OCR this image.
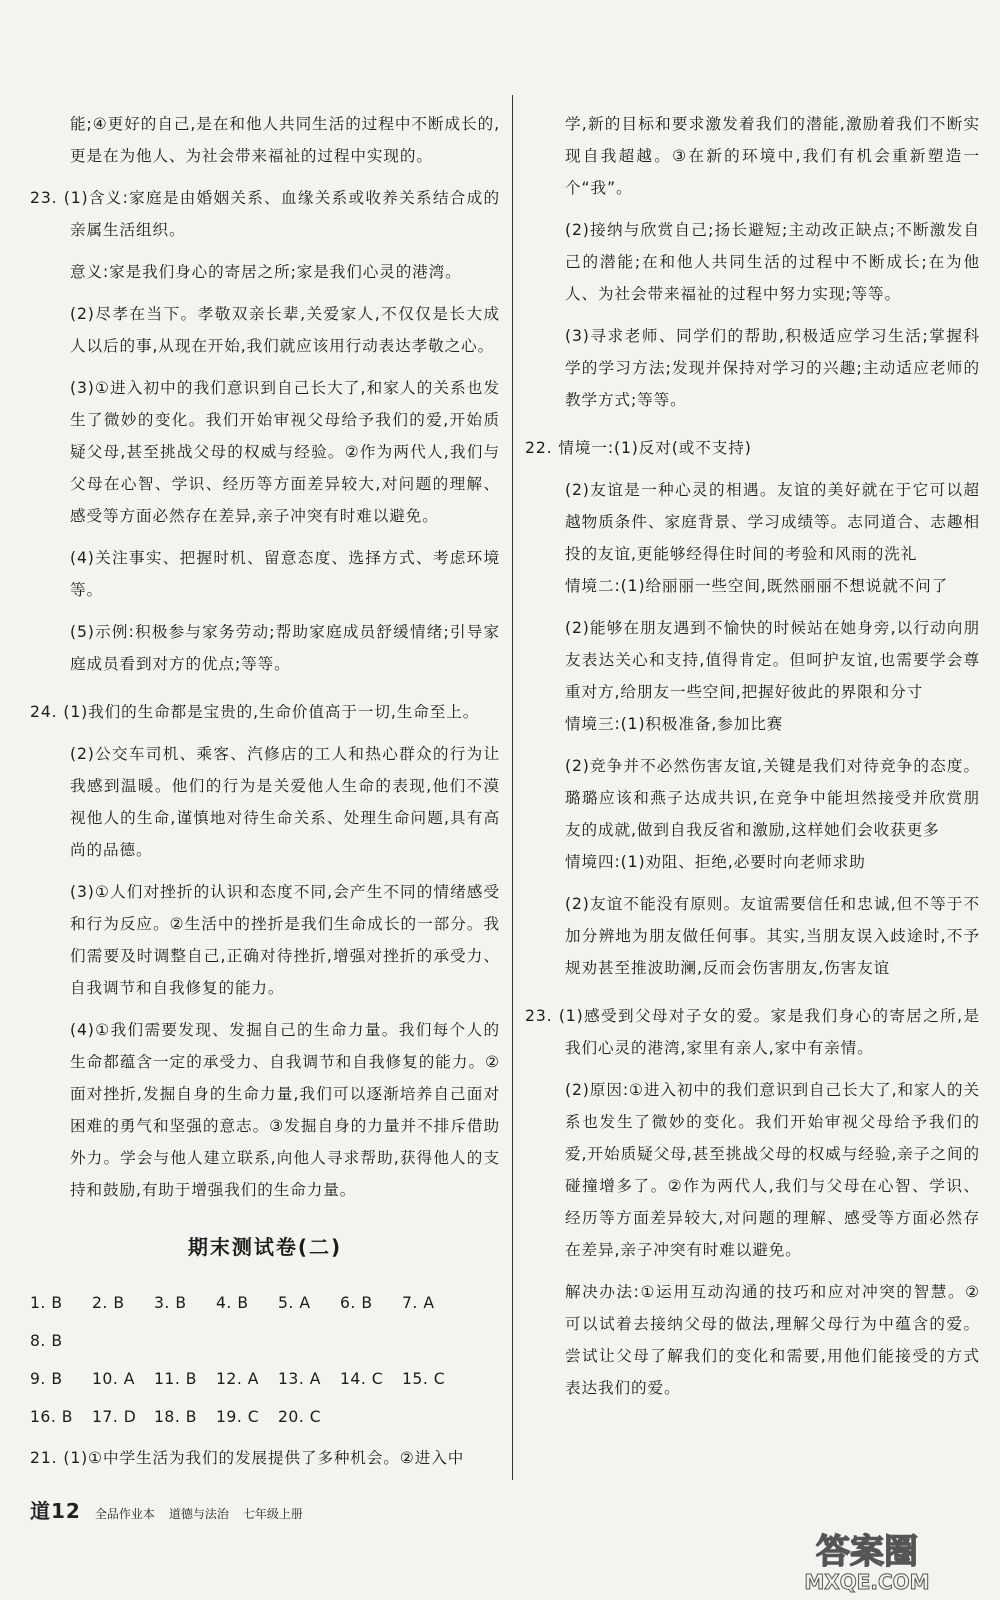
能;④更好的自己,是在和他人共同生活的过程中不断成长的,更是在为他人、为社会带来福祉的过程中实现的。

23. (1)含义:家庭是由婚姻关系、血缘关系或收养关系结合成的亲属生活组织。

意义:家是我们身心的寄居之所;家是我们心灵的港湾。

(2)尽孝在当下。孝敬双亲长辈,关爱家人,不仅仅是长大成人以后的事,从现在开始,我们就应该用行动表达孝敬之心。

(3)①进入初中的我们意识到自己长大了,和家人的关系也发生了微妙的变化。我们开始审视父母给予我们的爱,开始质疑父母,甚至挑战父母的权威与经验。②作为两代人,我们与父母在心智、学识、经历等方面差异较大,对问题的理解、感受等方面必然存在差异,亲子冲突有时难以避免。

(4)关注事实、把握时机、留意态度、选择方式、考虑环境等。

(5)示例:积极参与家务劳动;帮助家庭成员舒缓情绪;引导家庭成员看到对方的优点;等等。

24. (1)我们的生命都是宝贵的,生命价值高于一切,生命至上。

(2)公交车司机、乘客、汽修店的工人和热心群众的行为让我感到温暖。他们的行为是关爱他人生命的表现,他们不漠视他人的生命,谨慎地对待生命关系、处理生命问题,具有高尚的品德。

(3)①人们对挫折的认识和态度不同,会产生不同的情绪感受和行为反应。②生活中的挫折是我们生命成长的一部分。我们需要及时调整自己,正确对待挫折,增强对挫折的承受力、自我调节和自我修复的能力。

(4)①我们需要发现、发掘自己的生命力量。我们每个人的生命都蕴含一定的承受力、自我调节和自我修复的能力。②面对挫折,发掘自身的生命力量,我们可以逐渐培养自己面对困难的勇气和坚强的意志。③发掘自身的力量并不排斥借助外力。学会与他人建立联系,向他人寻求帮助,获得他人的支持和鼓励,有助于增强我们的生命力量。

期末测试卷(二)
1. B 2. B 3. B 4. B 5. A 6. B 7. A8. B
9. B 10. A 11. B 12. A 13. A 14. C 15. C
16. B 17. D 18. B 19. C 20. C

21. (1)①中学生活为我们的发展提供了多种机会。②进入中

学,新的目标和要求激发着我们的潜能,激励着我们不断实现自我超越。③在新的环境中,我们有机会重新塑造一个“我”。

(2)接纳与欣赏自己;扬长避短;主动改正缺点;不断激发自己的潜能;在和他人共同生活的过程中不断成长;在为他人、为社会带来福祉的过程中努力实现;等等。

(3)寻求老师、同学们的帮助,积极适应学习生活;掌握科学的学习方法;发现并保持对学习的兴趣;主动适应老师的教学方式;等等。

22. 情境一:(1)反对(或不支持)

(2)友谊是一种心灵的相遇。友谊的美好就在于它可以超越物质条件、家庭背景、学习成绩等。志同道合、志趣相投的友谊,更能够经得住时间的考验和风雨的洗礼

情境二:(1)给丽丽一些空间,既然丽丽不想说就不问了

(2)能够在朋友遇到不愉快的时候站在她身旁,以行动向朋友表达关心和支持,值得肯定。但呵护友谊,也需要学会尊重对方,给朋友一些空间,把握好彼此的界限和分寸

情境三:(1)积极准备,参加比赛

(2)竞争并不必然伤害友谊,关键是我们对待竞争的态度。璐璐应该和燕子达成共识,在竞争中能坦然接受并欣赏朋友的成就,做到自我反省和激励,这样她们会收获更多

情境四:(1)劝阻、拒绝,必要时向老师求助

(2)友谊不能没有原则。友谊需要信任和忠诚,但不等于不加分辨地为朋友做任何事。其实,当朋友误入歧途时,不予规劝甚至推波助澜,反而会伤害朋友,伤害友谊

23. (1)感受到父母对子女的爱。家是我们身心的寄居之所,是我们心灵的港湾,家里有亲人,家中有亲情。

(2)原因:①进入初中的我们意识到自己长大了,和家人的关系也发生了微妙的变化。我们开始审视父母给予我们的爱,开始质疑父母,甚至挑战父母的权威与经验,亲子之间的碰撞增多了。②作为两代人,我们与父母在心智、学识、经历等方面差异较大,对问题的理解、感受等方面必然存在差异,亲子冲突有时难以避免。

解决办法:①运用互动沟通的技巧和应对冲突的智慧。②可以试着去接纳父母的做法,理解父母行为中蕴含的爱。尝试让父母了解我们的变化和需要,用他们能接受的方式表达我们的爱。

道12 全品作业本 道德与法治 七年级上册
答案圈
MXQE.COM
